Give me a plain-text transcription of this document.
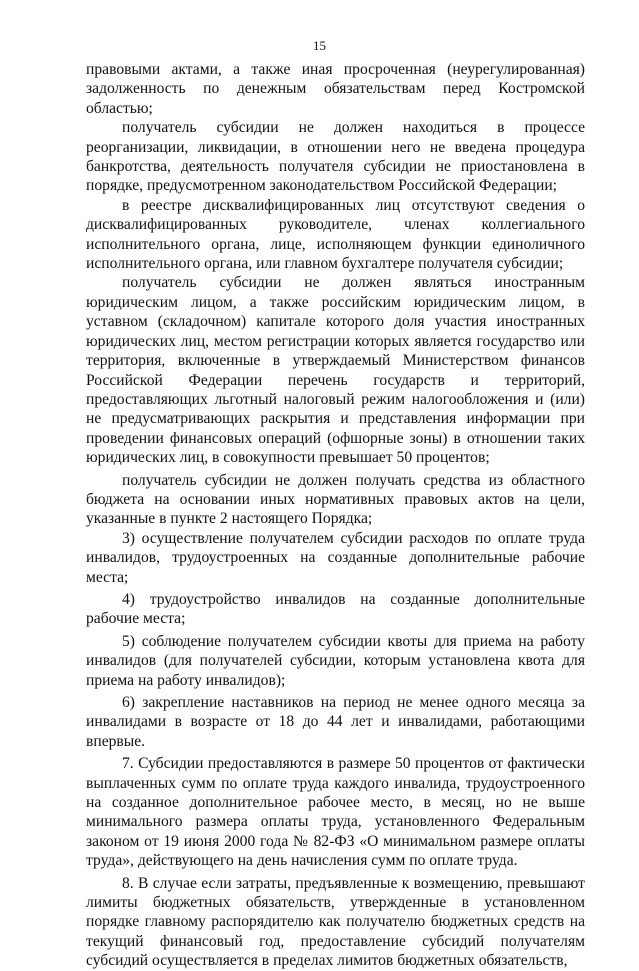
15

правовыми актами, а также иная просроченная (неурегулированная) задолженность по денежным обязательствам перед Костромской областью;

получатель субсидии не должен находиться в процессе реорганизации, ликвидации, в отношении него не введена процедура банкротства, деятельность получателя субсидии не приостановлена в порядке, предусмотренном законодательством Российской Федерации;

в реестре дисквалифицированных лиц отсутствуют сведения о дисквалифицированных руководителе, членах коллегиального исполнительного органа, лице, исполняющем функции единоличного исполнительного органа, или главном бухгалтере получателя субсидии;

получатель субсидии не должен являться иностранным юридическим лицом, а также российским юридическим лицом, в уставном (складочном) капитале которого доля участия иностранных юридических лиц, местом регистрации которых является государство или территория, включенные в утверждаемый Министерством финансов Российской Федерации перечень государств и территорий, предоставляющих льготный налоговый режим налогообложения и (или) не предусматривающих раскрытия и представления информации при проведении финансовых операций (офшорные зоны) в отношении таких юридических лиц, в совокупности превышает 50 процентов;

получатель субсидии не должен получать средства из областного бюджета на основании иных нормативных правовых актов на цели, указанные в пункте 2 настоящего Порядка;

3) осуществление получателем субсидии расходов по оплате труда инвалидов, трудоустроенных на созданные дополнительные рабочие места;

4) трудоустройство инвалидов на созданные дополнительные рабочие места;

5) соблюдение получателем субсидии квоты для приема на работу инвалидов (для получателей субсидии, которым установлена квота для приема на работу инвалидов);

6) закрепление наставников на период не менее одного месяца за инвалидами в возрасте от 18 до 44 лет и инвалидами, работающими впервые.

7. Субсидии предоставляются в размере 50 процентов от фактически выплаченных сумм по оплате труда каждого инвалида, трудоустроенного на созданное дополнительное рабочее место, в месяц, но не выше минимального размера оплаты труда, установленного Федеральным законом от 19 июня 2000 года № 82-ФЗ «О минимальном размере оплаты труда», действующего на день начисления сумм по оплате труда.

8. В случае если затраты, предъявленные к возмещению, превышают лимиты бюджетных обязательств, утвержденные в установленном порядке главному распорядителю как получателю бюджетных средств на текущий финансовый год, предоставление субсидий получателям субсидий осуществляется в пределах лимитов бюджетных обязательств,
